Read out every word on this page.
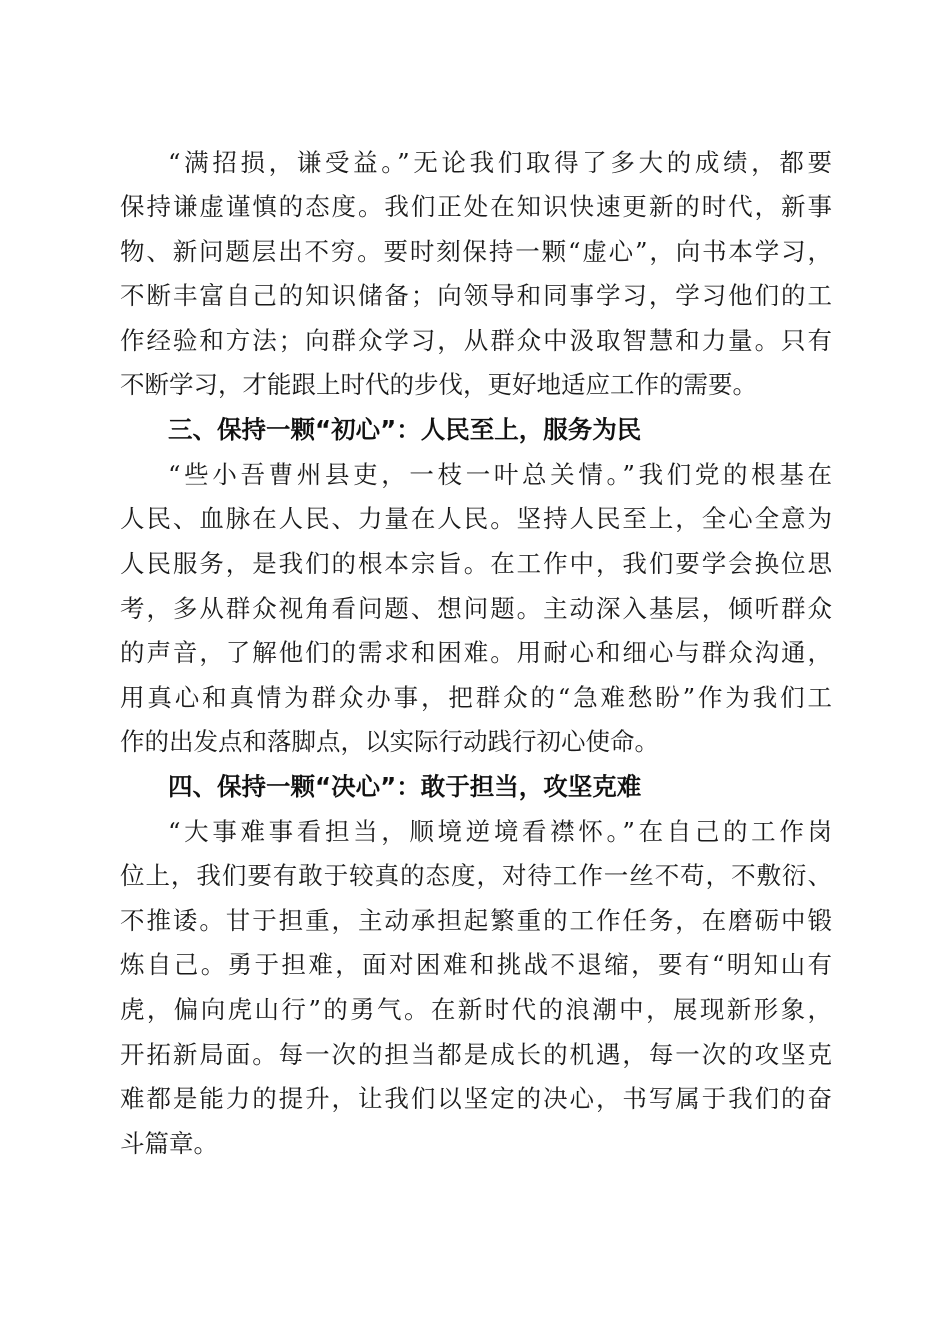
“满招损，谦受益。”无论我们取得了多大的成绩，都要
保持谦虚谨慎的态度。我们正处在知识快速更新的时代，新事
物、新问题层出不穷。要时刻保持一颗“虚心”，向书本学习，
不断丰富自己的知识储备；向领导和同事学习，学习他们的工
作经验和方法；向群众学习，从群众中汲取智慧和力量。只有
不断学习，才能跟上时代的步伐，更好地适应工作的需要。
三、保持一颗“初心”：人民至上，服务为民
“些小吾曹州县吏，一枝一叶总关情。”我们党的根基在
人民、血脉在人民、力量在人民。坚持人民至上，全心全意为
人民服务，是我们的根本宗旨。在工作中，我们要学会换位思
考，多从群众视角看问题、想问题。主动深入基层，倾听群众
的声音，了解他们的需求和困难。用耐心和细心与群众沟通，
用真心和真情为群众办事，把群众的“急难愁盼”作为我们工
作的出发点和落脚点，以实际行动践行初心使命。
四、保持一颗“决心”：敢于担当，攻坚克难
“大事难事看担当，顺境逆境看襟怀。”在自己的工作岗
位上，我们要有敢于较真的态度，对待工作一丝不苟，不敷衍、
不推诿。甘于担重，主动承担起繁重的工作任务，在磨砺中锻
炼自己。勇于担难，面对困难和挑战不退缩，要有“明知山有
虎，偏向虎山行”的勇气。在新时代的浪潮中，展现新形象，
开拓新局面。每一次的担当都是成长的机遇，每一次的攻坚克
难都是能力的提升，让我们以坚定的决心，书写属于我们的奋
斗篇章。
